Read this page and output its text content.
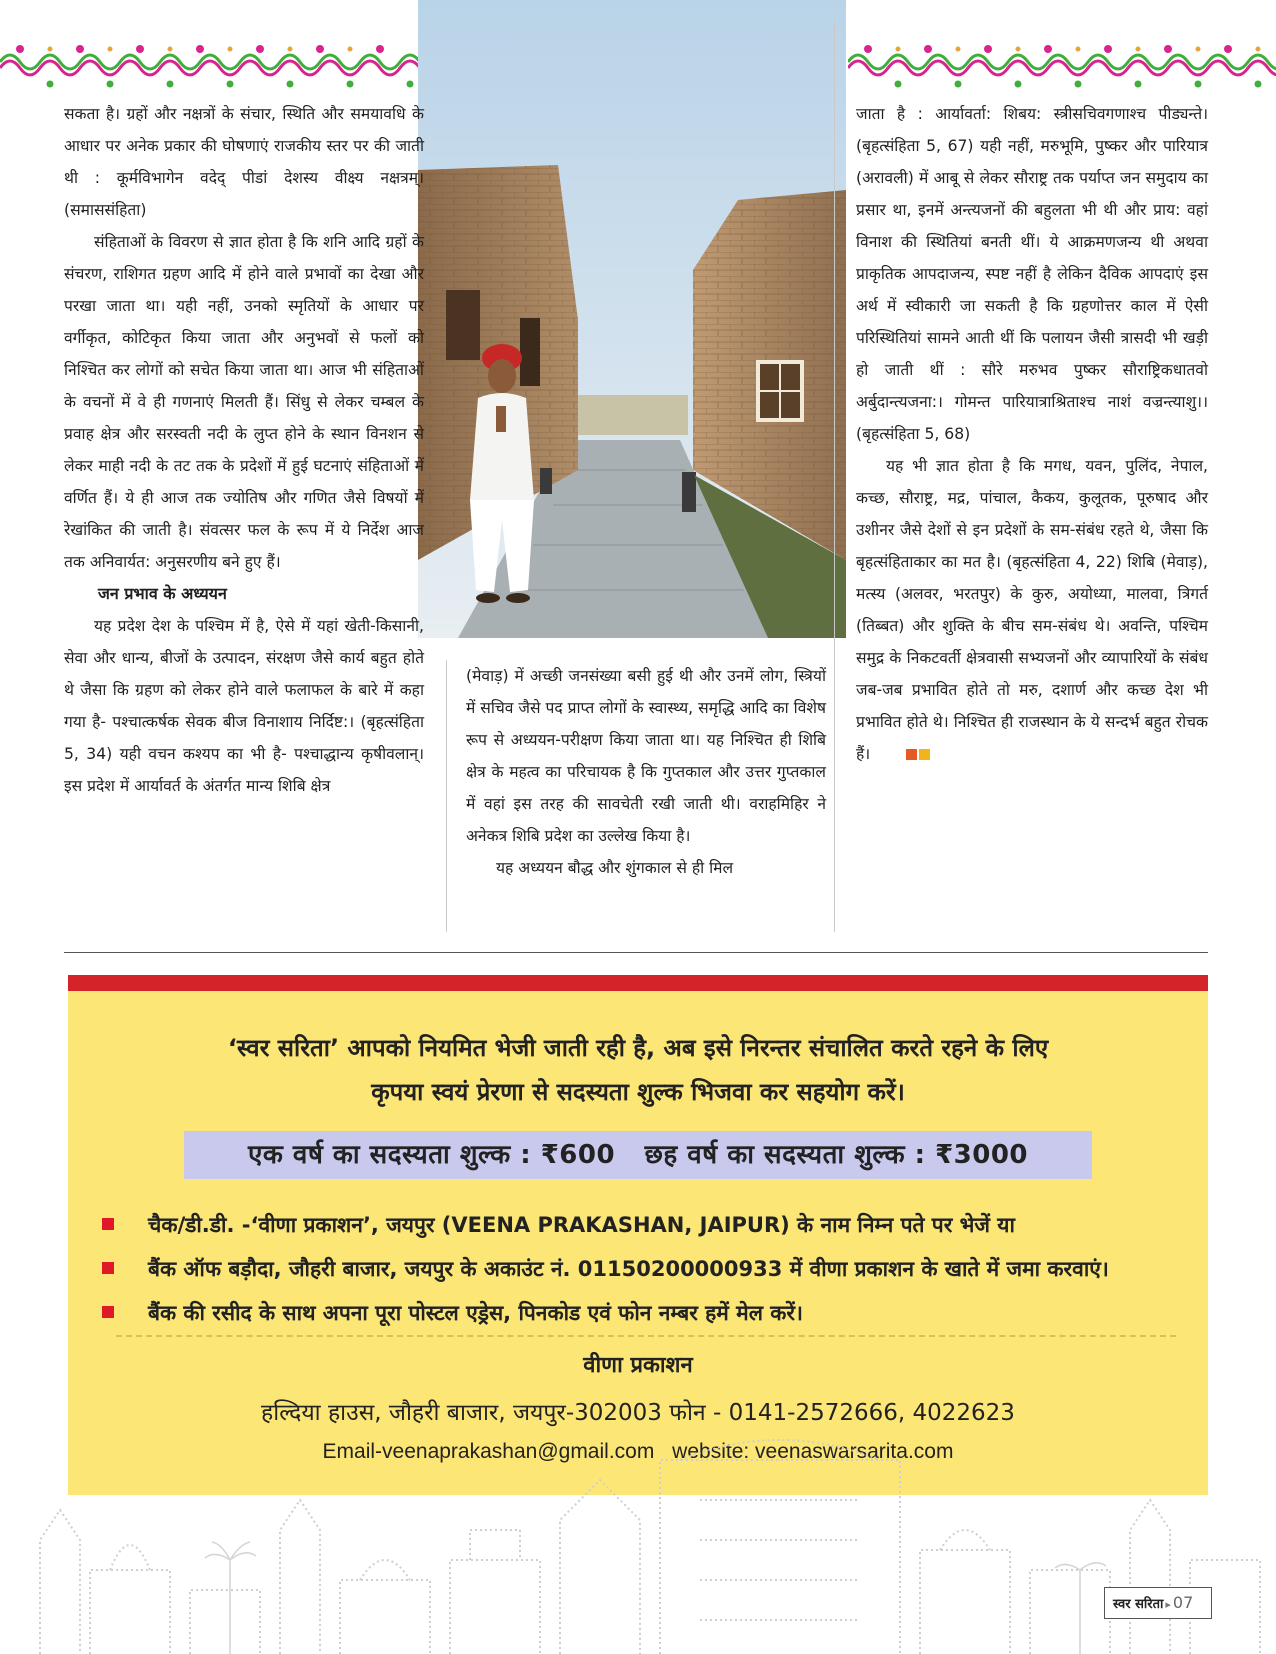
सकता है। ग्रहों और नक्षत्रों के संचार, स्थिति और समयावधि के आधार पर अनेक प्रकार की घोषणाएं राजकीय स्तर पर की जाती थी : कूर्मविभागेन वदेद् पीडां देशस्य वीक्ष्य नक्षत्रम्। (समाससंहिता)

संहिताओं के विवरण से ज्ञात होता है कि शनि आदि ग्रहों के संचरण, राशिगत ग्रहण आदि में होने वाले प्रभावों का देखा और परखा जाता था। यही नहीं, उनको स्मृतियों के आधार पर वर्गीकृत, कोटिकृत किया जाता और अनुभवों से फलों को निश्चित कर लोगों को सचेत किया जाता था। आज भी संहिताओं के वचनों में वे ही गणनाएं मिलती हैं। सिंधु से लेकर चम्बल के प्रवाह क्षेत्र और सरस्वती नदी के लुप्त होने के स्थान विनशन से लेकर माही नदी के तट तक के प्रदेशों में हुई घटनाएं संहिताओं में वर्णित हैं। ये ही आज तक ज्योतिष और गणित जैसे विषयों में रेखांकित की जाती है। संवत्सर फल के रूप में ये निर्देश आज तक अनिवार्यत: अनुसरणीय बने हुए हैं।

जन प्रभाव के अध्ययन

यह प्रदेश देश के पश्चिम में है, ऐसे में यहां खेती-किसानी, सेवा और धान्य, बीजों के उत्पादन, संरक्षण जैसे कार्य बहुत होते थे जैसा कि ग्रहण को लेकर होने वाले फलाफल के बारे में कहा गया है- पश्चात्कर्षक सेवक बीज विनाशाय निर्दिष्ट:। (बृहत्संहिता 5, 34) यही वचन कश्यप का भी है- पश्चाद्धान्य कृषीवलान्। इस प्रदेश में आर्यावर्त के अंतर्गत मान्य शिबि क्षेत्र

(मेवाड़) में अच्छी जनसंख्या बसी हुई थी और उनमें लोग, स्त्रियों में सचिव जैसे पद प्राप्त लोगों के स्वास्थ्य, समृद्धि आदि का विशेष रूप से अध्ययन-परीक्षण किया जाता था। यह निश्चित ही शिबि क्षेत्र के महत्व का परिचायक है कि गुप्तकाल और उत्तर गुप्तकाल में वहां इस तरह की सावचेती रखी जाती थी। वराहमिहिर ने अनेकत्र शिबि प्रदेश का उल्लेख किया है।

यह अध्ययन बौद्ध और शुंगकाल से ही मिल

जाता है : आर्यावर्ता: शिबय: स्त्रीसचिवगणाश्च पीड्यन्ते। (बृहत्संहिता 5, 67) यही नहीं, मरुभूमि, पुष्कर और पारियात्र (अरावली) में आबू से लेकर सौराष्ट्र तक पर्याप्त जन समुदाय का प्रसार था, इनमें अन्त्यजनों की बहुलता भी थी और प्राय: वहां विनाश की स्थितियां बनती थीं। ये आक्रमणजन्य थी अथवा प्राकृतिक आपदाजन्य, स्पष्ट नहीं है लेकिन दैविक आपदाएं इस अर्थ में स्वीकारी जा सकती है कि ग्रहणोत्तर काल में ऐसी परिस्थितियां सामने आती थीं कि पलायन जैसी त्रासदी भी खड़ी हो जाती थीं : सौरे मरुभव पुष्कर सौराष्ट्रिकधातवो अर्बुदान्त्यजना:। गोमन्त पारियात्राश्रिताश्च नाशं वज्रन्त्याशु।। (बृहत्संहिता 5, 68)

यह भी ज्ञात होता है कि मगध, यवन, पुलिंद, नेपाल, कच्छ, सौराष्ट्र, मद्र, पांचाल, कैकय, कुलूतक, पूरुषाद और उशीनर जैसे देशों से इन प्रदेशों के सम-संबंध रहते थे, जैसा कि बृहत्संहिताकार का मत है। (बृहत्संहिता 4, 22) शिबि (मेवाड़), मत्स्य (अलवर, भरतपुर) के कुरु, अयोध्या, मालवा, त्रिगर्त (तिब्बत) और शुक्ति के बीच सम-संबंध थे। अवन्ति, पश्चिम समुद्र के निकटवर्ती क्षेत्रवासी सभ्यजनों और व्यापारियों के संबंध जब-जब प्रभावित होते तो मरु, दशार्ण और कच्छ देश भी प्रभावित होते थे। निश्चित ही राजस्थान के ये सन्दर्भ बहुत रोचक हैं।

‘स्वर सरिता’ आपको नियमित भेजी जाती रही है, अब इसे निरन्तर संचालित करते रहने के लिए
कृपया स्वयं प्रेरणा से सदस्यता शुल्क भिजवा कर सहयोग करें।
एक वर्ष का सदस्यता शुल्क : ₹600 छह वर्ष का सदस्यता शुल्क : ₹3000
चैक/डी.डी. -‘वीणा प्रकाशन’, जयपुर (VEENA PRAKASHAN, JAIPUR) के नाम निम्न पते पर भेजें या
बैंक ऑफ बड़ौदा, जौहरी बाजार, जयपुर के अकाउंट नं. 01150200000933 में वीणा प्रकाशन के खाते में जमा करवाएं।
बैंक की रसीद के साथ अपना पूरा पोस्टल एड्रेस, पिनकोड एवं फोन नम्बर हमें मेल करें।
वीणा प्रकाशन
हल्दिया हाउस, जौहरी बाजार, जयपुर-302003 फोन - 0141-2572666, 4022623
Email-veenaprakashan@gmail.com website: veenaswarsarita.com
स्वर सरिता ▸ 07
